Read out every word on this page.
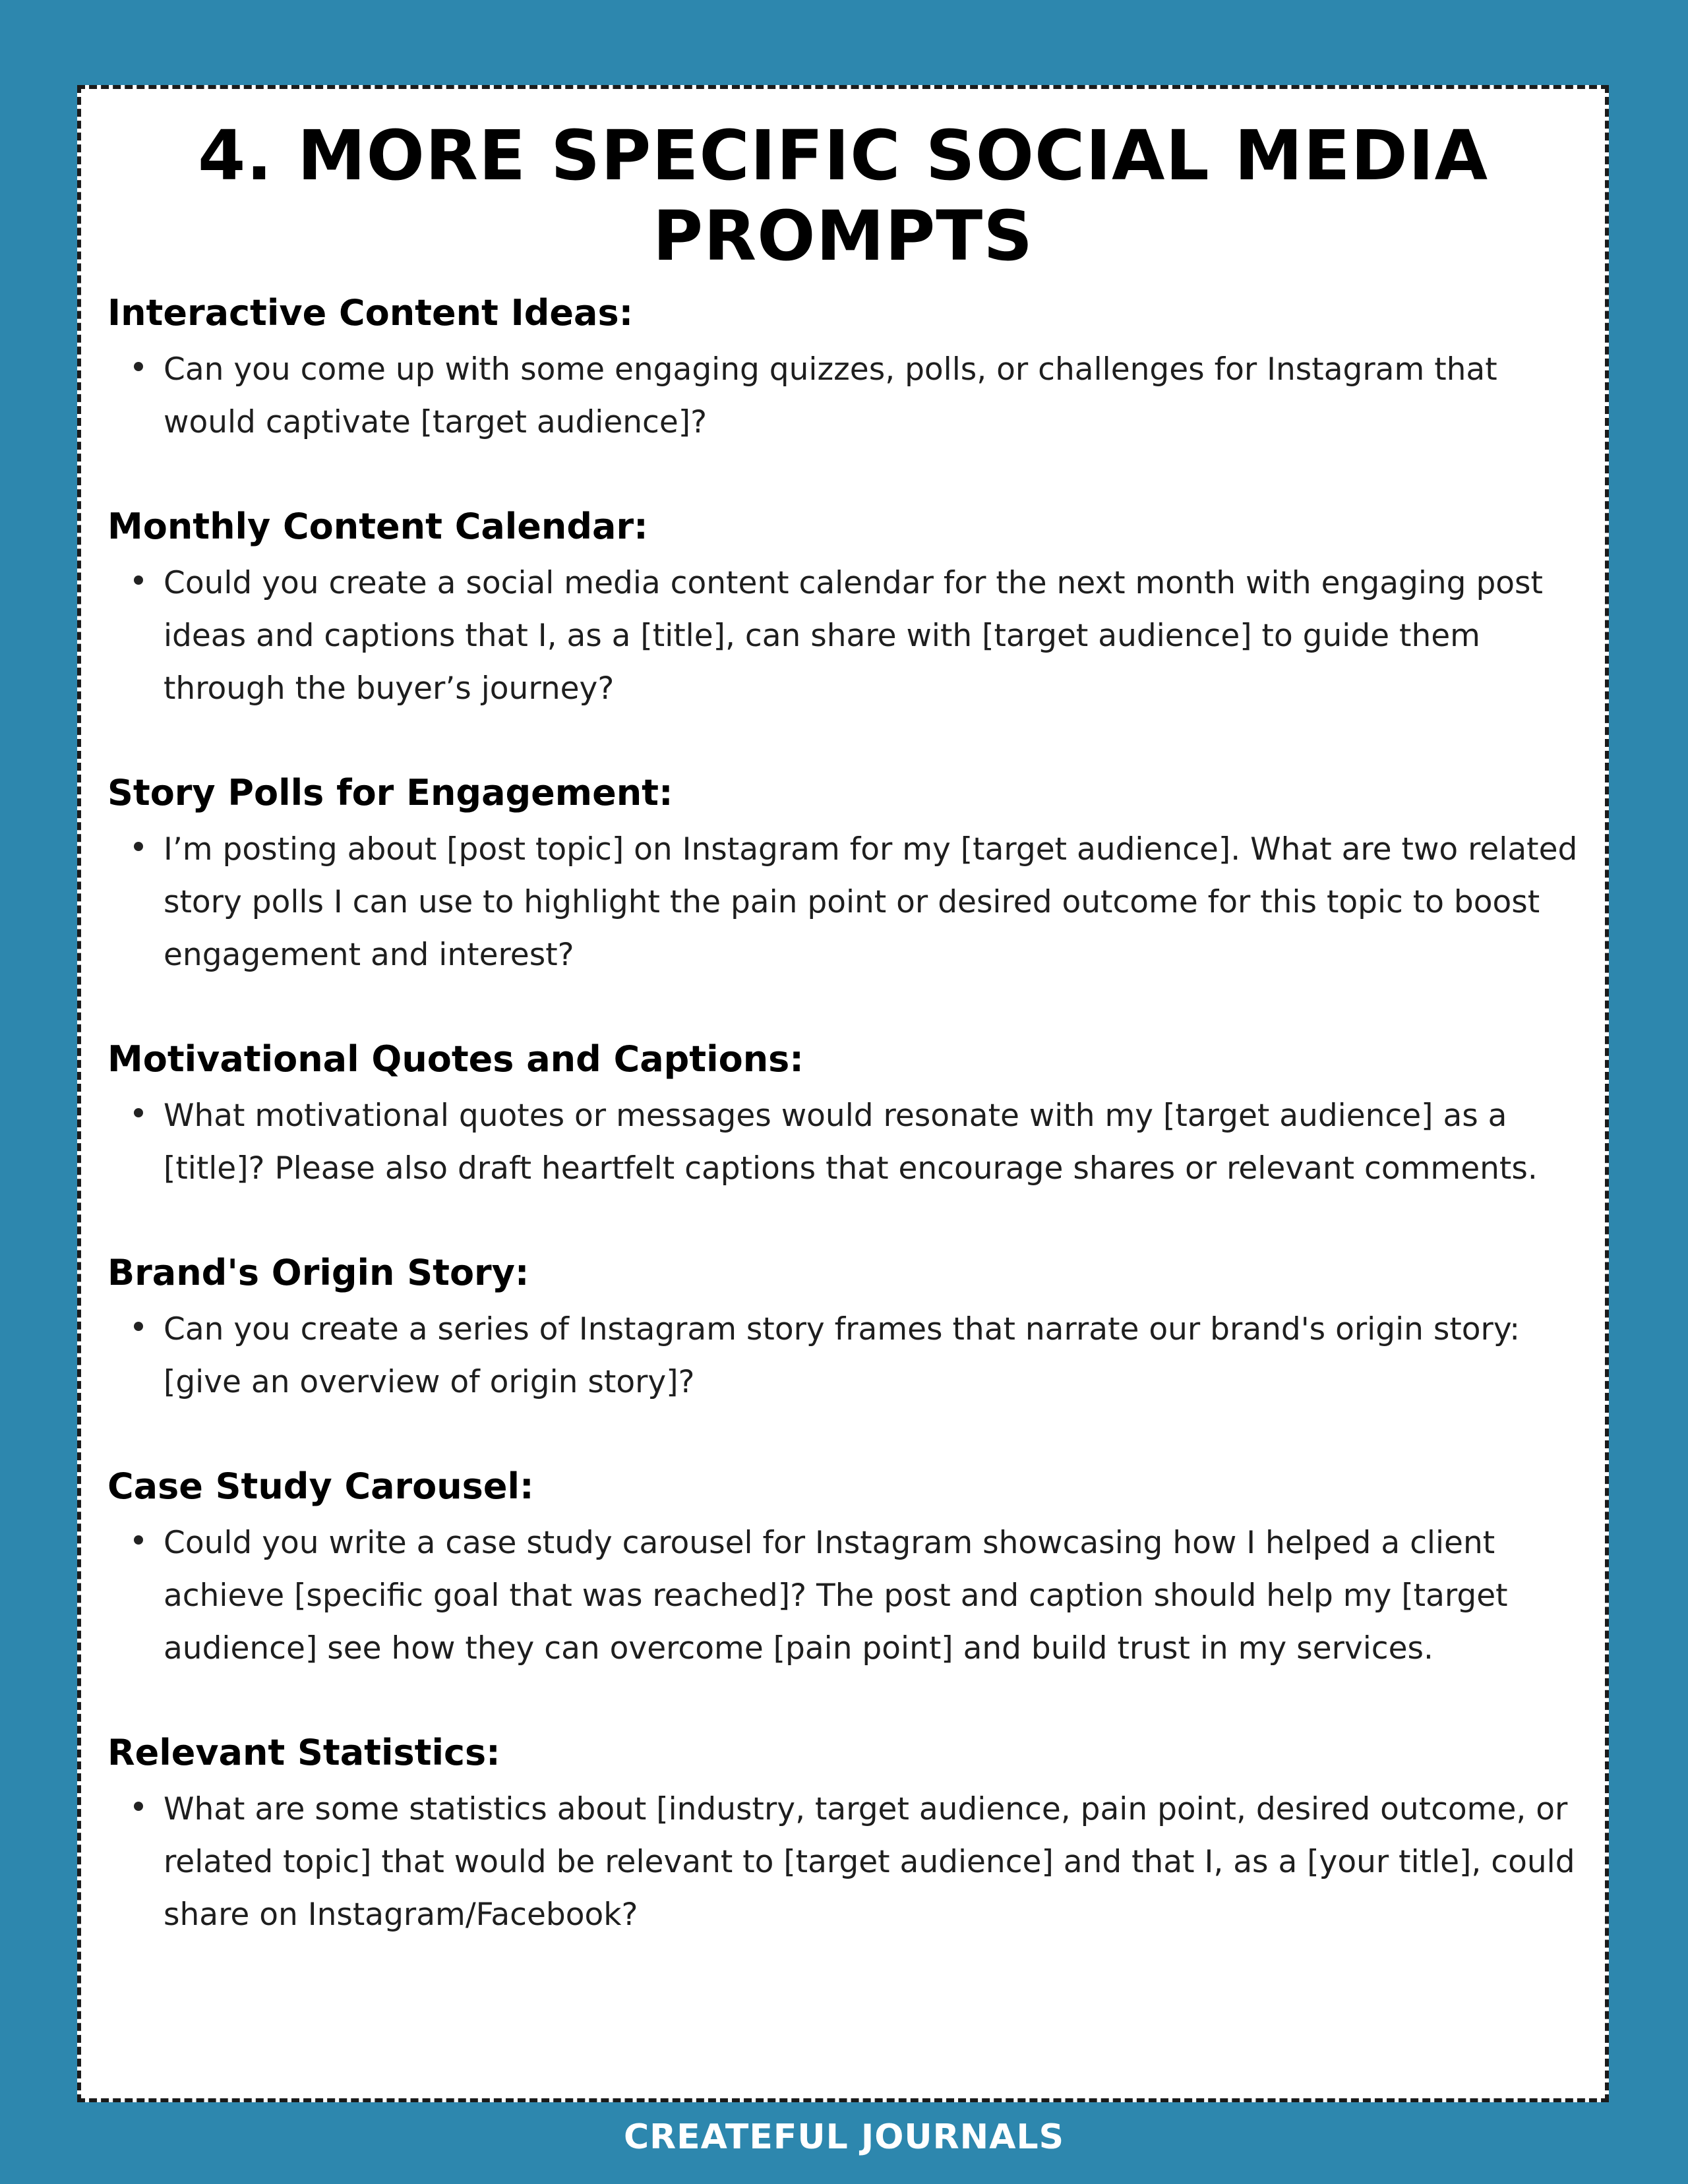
4. MORE SPECIFIC SOCIAL MEDIA
PROMPTS
Interactive Content Ideas:

Can you come up with some engaging quizzes, polls, or challenges for Instagram that would captivate [target audience]?

Monthly Content Calendar:

Could you create a social media content calendar for the next month with engaging post ideas and captions that I, as a [title], can share with [target audience] to guide them through the buyer’s journey?

Story Polls for Engagement:

I’m posting about [post topic] on Instagram for my [target audience]. What are two related story polls I can use to highlight the pain point or desired outcome for this topic to boost engagement and interest?

Motivational Quotes and Captions:

What motivational quotes or messages would resonate with my [target audience] as a [title]? Please also draft heartfelt captions that encourage shares or relevant comments.

Brand's Origin Story:

Can you create a series of Instagram story frames that narrate our brand's origin story: [give an overview of origin story]?

Case Study Carousel:

Could you write a case study carousel for Instagram showcasing how I helped a client achieve [specific goal that was reached]? The post and caption should help my [target audience] see how they can overcome [pain point] and build trust in my services.

Relevant Statistics:

What are some statistics about [industry, target audience, pain point, desired outcome, or related topic] that would be relevant to [target audience] and that I, as a [your title], could share on Instagram/Facebook?

CREATEFUL JOURNALS
